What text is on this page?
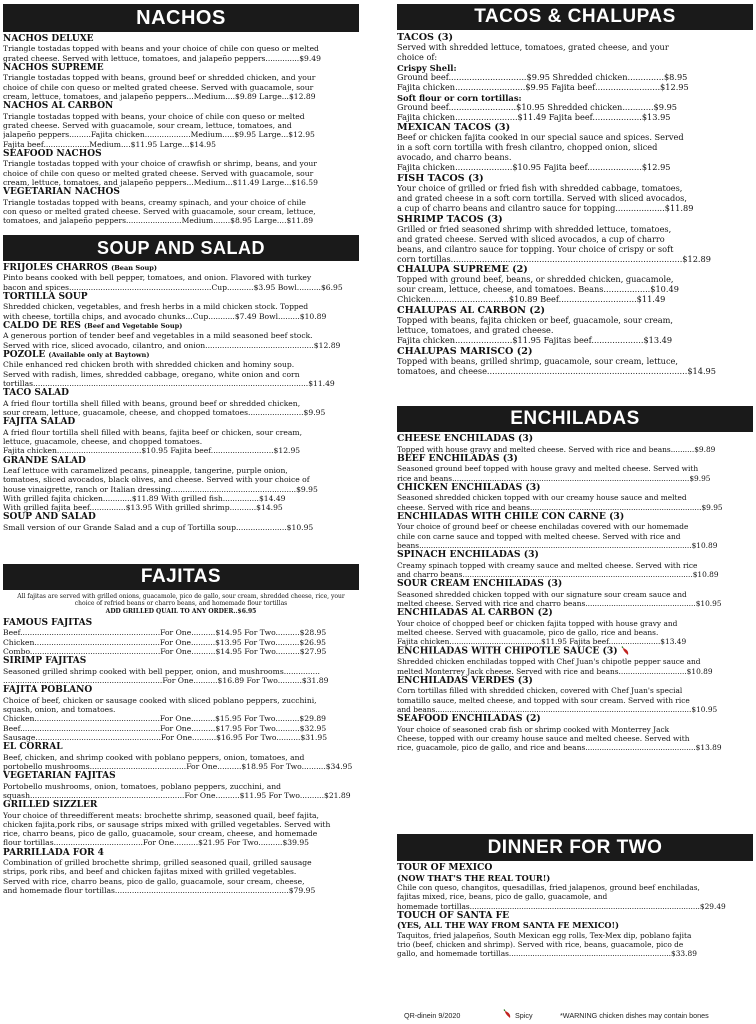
NACHOS
NACHOS DELUXE
Triangle tostadas topped with beans and your choice of chile con queso or melted
grated cheese. Served with lettuce, tomatoes, and jalapeño peppers..............$9.49
NACHOS SUPREME
Triangle tostadas topped with beans, ground beef or shredded chicken, and your
choice of chile con queso or melted grated cheese. Served with guacamole, sour
cream, lettuce, tomatoes, and jalapeño peppers...Medium....$9.89 Large...$12.89
NACHOS AL CARBON
Triangle tostadas topped with beans, your choice of chile con queso or melted
grated cheese. Served with guacamole, sour cream, lettuce, tomatoes, and
jalapeño peppers.........Fajita chicken...................Medium.....$9.95 Large...$12.95
Fajita beef...................Medium....$11.95 Large...$14.95
SEAFOOD NACHOS
Triangle tostadas topped with your choice of crawfish or shrimp, beans, and your
choice of chile con queso or melted grated cheese. Served with guacamole, sour
cream, lettuce, tomatoes, and jalapeño peppers...Medium...$11.49 Large...$16.59
VEGETARIAN NACHOS
Triangle tostadas topped with beans, creamy spinach, and your choice of chile
con queso or melted grated cheese. Served with guacamole, sour cream, lettuce,
tomatoes, and jalapeño peppers.......................Medium.......$8.95 Large....$11.89
SOUP AND SALAD
FRIJOLES CHARROS (Bean Soup)
Pinto beans cooked with bell pepper, tomatoes, and onion. Flavored with turkey
bacon and spices...........................................................Cup...........$3.95 Bowl..........$6.95
TORTILLA SOUP
Shredded chicken, vegetables, and fresh herbs in a mild chicken stock. Topped
with cheese, tortilla chips, and avocado chunks...Cup...........$7.49 Bowl.........$10.89
CALDO DE RES (Beef and Vegetable Soup)
A generous portion of tender beef and vegetables in a mild seasoned beef stock.
Served with rice, sliced avocado, cilantro, and onion.............................................$12.89
POZOLE (Available only at Baytown)
Chile enhanced red chicken broth with shredded chicken and hominy soup.
Served with radish, limes, shredded cabbage, oregano, white onion and corn
tortillas..................................................................................................................$11.49
TACO SALAD
A fried flour tortilla shell filled with beans, ground beef or shredded chicken,
sour cream, lettuce, guacamole, cheese, and chopped tomatoes.......................$9.95
FAJITA SALAD
A fried flour tortilla shell filled with beans, fajita beef or chicken, sour cream,
lettuce, guacamole, cheese, and chopped tomatoes.
Fajita chicken...................................$10.95 Fajita beef..........................$12.95
GRANDE SALAD
Leaf lettuce with caramelized pecans, pineapple, tangerine, purple onion,
tomatoes, sliced avocados, black olives, and cheese. Served with your choice of
house vinaigrette, ranch or Italian dressing....................................................$9.95
With grilled fajita chicken............$11.89 With grilled fish...............$14.49
With grilled fajita beef...............$13.95 With grilled shrimp...........$14.95
SOUP AND SALAD
Small version of our Grande Salad and a cup of Tortilla soup.....................$10.95
FAJITAS
All fajitas are served with grilled onions, guacamole, pico de gallo, sour cream, shredded cheese, rice, your choice of refried beans or charro beans, and homemade flour tortillas
ADD GRILLED QUAIL TO ANY ORDER..$6.95
FAMOUS FAJITAS
Beef..........................................................For One..........$14.95 For Two..........$28.95
Chicken....................................................For One..........$13.95 For Two..........$26.95
Combo......................................................For One..........$14.95 For Two..........$27.95
SIRIMP FAJITAS
Seasoned grilled shrimp cooked with bell pepper, onion, and mushrooms...............
..................................................................For One..........$16.89 For Two..........$31.89
FAJITA POBLANO
Choice of beef, chicken or sausage cooked with sliced poblano peppers, zucchini,
squash, onion, and tomatoes.
Chicken....................................................For One..........$15.95 For Two..........$29.89
Beef..........................................................For One..........$17.95 For Two..........$32.95
Sausage....................................................For One..........$16.95 For Two..........$31.95
EL CORRAL
Beef, chicken, and shrimp cooked with poblano peppers, onion, tomatoes, and
portobello mushrooms........................................For One..........$18.95 For Two..........$34.95
VEGETARIAN FAJITAS
Portobello mushrooms, onion, tomatoes, poblano peppers, zucchini, and
squash................................................................For One..........$11.95 For Two..........$21.89
GRILLED SIZZLER
Your choice of threedifferent meats: brochette shrimp, seasoned quail, beef fajita,
chicken fajita,pork ribs, or sausage strips mixed with grilled vegetables. Served with
rice, charro beans, pico de gallo, guacamole, sour cream, cheese, and homemade
flour tortillas.....................................For One..........$21.95 For Two..........$39.95
PARRILLADA FOR 4
Combination of grilled brochette shrimp, grilled seasoned quail, grilled sausage
strips, pork ribs, and beef and chicken fajitas mixed with grilled vegetables.
Served with rice, charro beans, pico de gallo, guacamole, sour cream, cheese,
and homemade flour tortillas........................................................................$79.95
TACOS & CHALUPAS
TACOS (3)
Served with shredded lettuce, tomatoes, grated cheese, and your
choice of:
Crispy Shell:
Ground beef..............................$9.95 Shredded chicken..............$8.95
Fajita chicken...........................$9.95 Fajita beef.........................$12.95
Soft flour or corn tortillas:
Ground beef..........................$10.95 Shredded chicken............$9.95
Fajita chicken........................$11.49 Fajita beef...................$13.95
MEXICAN TACOS (3)
Beef or chicken fajita cooked in our special sauce and spices. Served
in a soft corn tortilla with fresh cilantro, chopped onion, sliced
avocado, and charro beans.
Fajita chicken......................$10.95 Fajita beef.....................$12.95
FISH TACOS (3)
Your choice of grilled or fried fish with shredded cabbage, tomatoes,
and grated cheese in a soft corn tortilla. Served with sliced avocados,
a cup of charro beans and cilantro sauce for topping...................$11.89
SHRIMP TACOS (3)
Grilled or fried seasoned shrimp with shredded lettuce, tomatoes,
and grated cheese. Served with sliced avocados, a cup of charro
beans, and cilantro sauce for topping. Your choice of crispy or soft
corn tortillas.........................................................................................$12.89
CHALUPA SUPREME (2)
Topped with ground beef, beans, or shredded chicken, guacamole,
sour cream, lettuce, cheese, and tomatoes. Beans..................$10.49
Chicken..............................$10.89 Beef..............................$11.49
CHALUPAS AL CARBON (2)
Topped with beans, fajita chicken or beef, guacamole, sour cream,
lettuce, tomatoes, and grated cheese.
Fajita chicken......................$11.95 Fajitas beef....................$13.49
CHALUPAS MARISCO (2)
Topped with beans, grilled shrimp, guacamole, sour cream, lettuce,
tomatoes, and cheese.............................................................................$14.95
ENCHILADAS
CHEESE ENCHILADAS (3)
Topped with house gravy and melted cheese. Served with rice and beans..........$9.89
BEEF ENCHILADAS (3)
Seasoned ground beef topped with house gravy and melted cheese. Served with
rice and beans.....................................................................................................$9.95
CHICKEN ENCHILADAS (3)
Seasoned shredded chicken topped with our creamy house sauce and melted
cheese. Served with rice and beans.........................................................................$9.95
ENCHILADAS WITH CHILE CON CARNE (3)
Your choice of ground beef or cheese enchiladas covered with our homemade
chile con carne sauce and topped with melted cheese. Served with rice and
beans....................................................................................................................$10.89
SPINACH ENCHILADAS (3)
Creamy spinach topped with creamy sauce and melted cheese. Served with rice
and charro beans..................................................................................................$10.89
SOUR CREAM ENCHILADAS (3)
Seasoned shredded chicken topped with our signature sour cream sauce and
melted cheese. Served with rice and charro beans...............................................$10.95
ENCHILADAS AL CARBON (2)
Your choice of chopped beef or chicken fajita topped with house gravy and
melted cheese. Served with guacamole, pico de gallo, rice and beans.
Fajita chicken.......................................$11.95 Fajita beef......................$13.49
ENCHILADAS WITH CHIPOTLE SAUCE (3)
Shredded chicken enchiladas topped with Chef Juan's chipotle pepper sauce and
melted Monterrey Jack cheese. Served with rice and beans.............................$10.89
ENCHILADAS VERDES (3)
Corn tortillas filled with shredded chicken, covered with Chef Juan's special
tomatillo sauce, melted cheese, and topped with sour cream. Served with rice
and beans.............................................................................................................$10.95
SEAFOOD ENCHILADAS (2)
Your choice of seasoned crab fish or shrimp cooked with Monterrey Jack
Cheese, topped with our creamy house sauce and melted cheese. Served with
rice, guacamole, pico de gallo, and rice and beans...............................................$13.89
DINNER FOR TWO
TOUR OF MEXICO
(NOW THAT'S THE REAL TOUR!)
Chile con queso, changitos, quesadillas, fried jalapenos, ground beef enchiladas,
fajitas mixed, rice, beans, pico de gallo, guacamole, and
homemade tortillas..................................................................................................$29.49
TOUCH OF SANTA FE
(YES, ALL THE WAY FROM SANTA FE MEXICO!)
Taquitos, fried jalapeños, South Mexican egg rolls, Tex-Mex dip, poblano fajita
trio (beef, chicken and shrimp). Served with rice, beans, guacamole, pico de
gallo, and homemade tortillas.....................................................................$33.89
QR-dinein 9/2020	Spicy	*WARNING chicken dishes may contain bones
